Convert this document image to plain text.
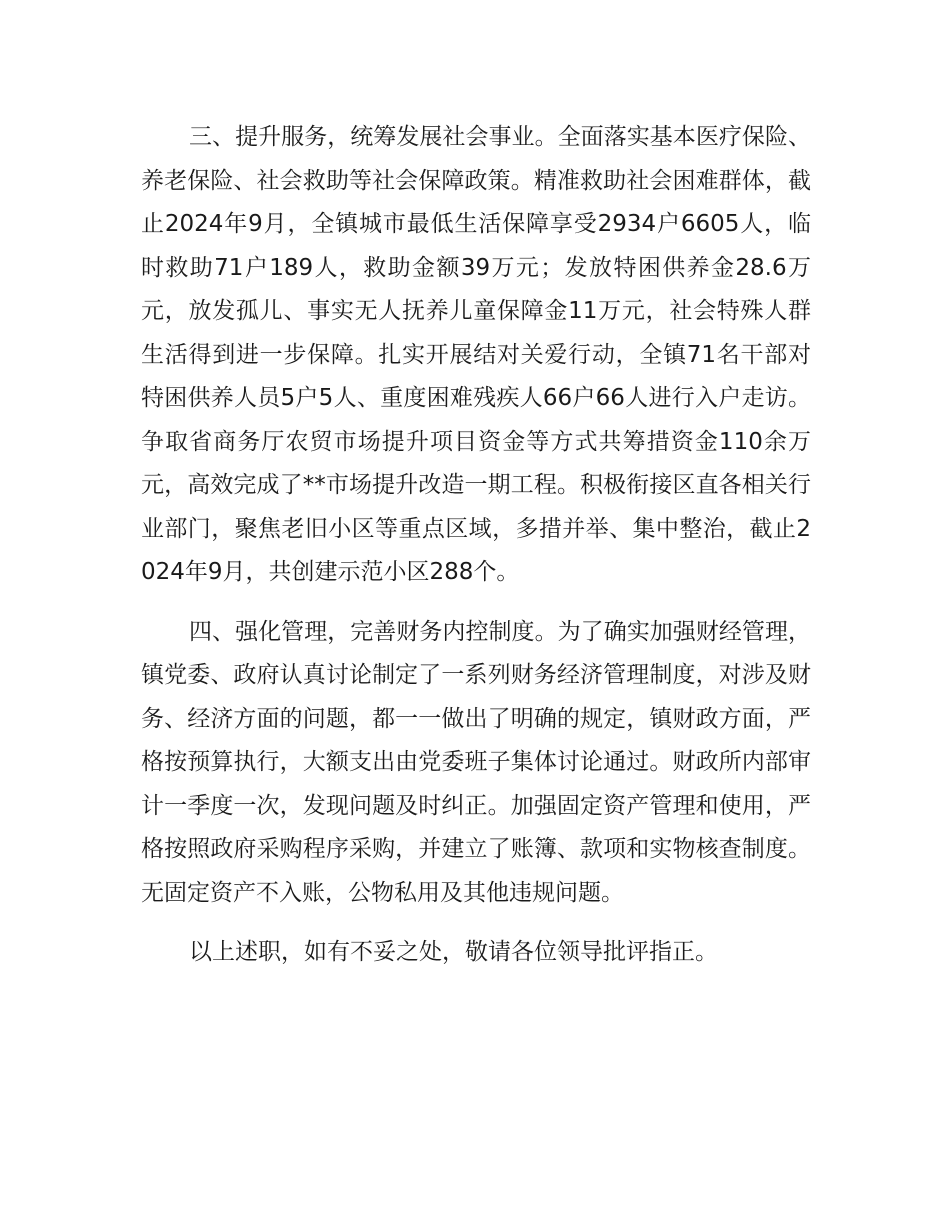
三、提升服务，统筹发展社会事业。全面落实基本医疗保险、养老保险、社会救助等社会保障政策。精准救助社会困难群体，截止2024年9月，全镇城市最低生活保障享受2934户6605人，临时救助71户189人，救助金额39万元；发放特困供养金28.6万元，放发孤儿、事实无人抚养儿童保障金11万元，社会特殊人群生活得到进一步保障。扎实开展结对关爱行动，全镇71名干部对特困供养人员5户5人、重度困难残疾人66户66人进行入户走访。争取省商务厅农贸市场提升项目资金等方式共筹措资金110余万元，高效完成了**市场提升改造一期工程。积极衔接区直各相关行业部门，聚焦老旧小区等重点区域，多措并举、集中整治，截止2024年9月，共创建示范小区288个。

四、强化管理，完善财务内控制度。为了确实加强财经管理，镇党委、政府认真讨论制定了一系列财务经济管理制度，对涉及财务、经济方面的问题，都一一做出了明确的规定，镇财政方面，严格按预算执行，大额支出由党委班子集体讨论通过。财政所内部审计一季度一次，发现问题及时纠正。加强固定资产管理和使用，严格按照政府采购程序采购，并建立了账簿、款项和实物核查制度。无固定资产不入账，公物私用及其他违规问题。

以上述职，如有不妥之处，敬请各位领导批评指正。
